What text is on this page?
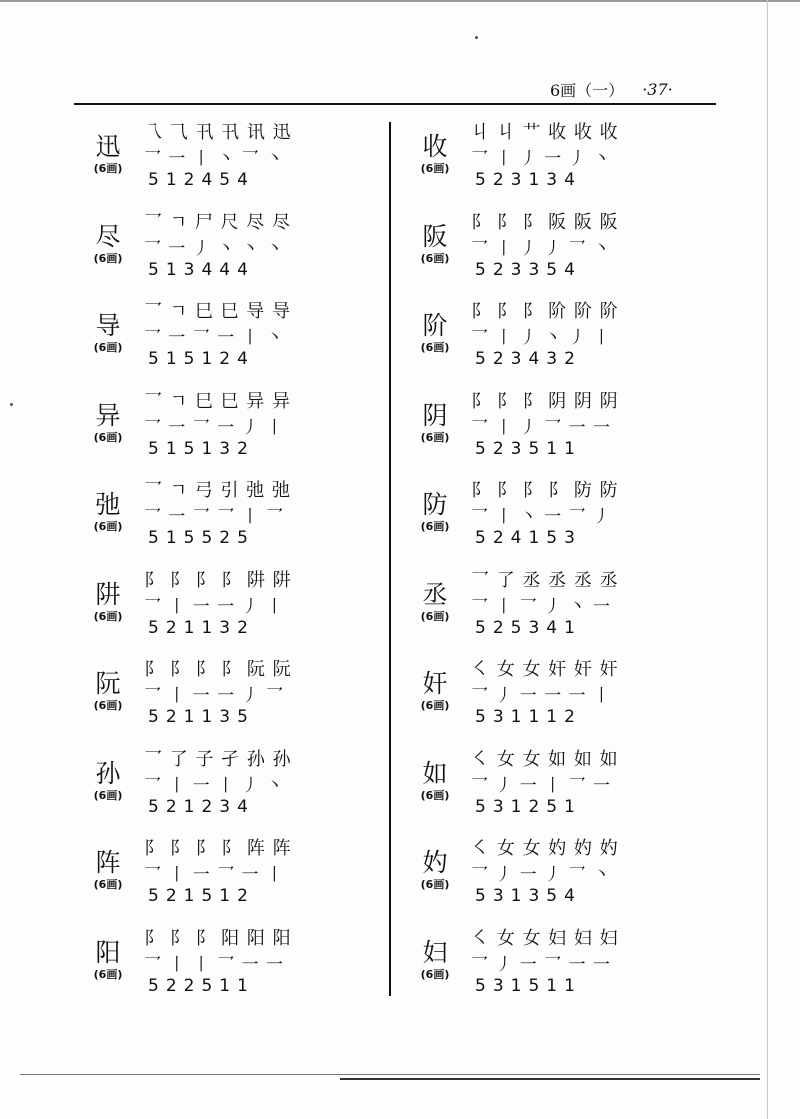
6画（一） ·37·
迅
(6画)
乁 ⺄ 卂 卂 讯 迅
乛 一 丨 丶 乛 丶
512454
尽
(6画)
乛 ㄱ 尸 尺 尽 尽
乛 一 丿 丶 丶 丶
513444
导
(6画)
乛 ㄱ 巳 巳 导 导
乛 一 乛 一 丨 丶
515124
异
(6画)
乛 ㄱ 巳 巳 异 异
乛 一 乛 一 丿 丨
515132
弛
(6画)
乛 ㄱ 弓 引 弛 弛
乛 一 乛 乛 丨 乛
515525
阱
(6画)
阝 阝 阝 阝 阱 阱
乛 丨 一 一 丿 丨
521132
阮
(6画)
阝 阝 阝 阝 阮 阮
乛 丨 一 一 丿 乛
521135
孙
(6画)
乛 了 子 孑 孙 孙
乛 丨 一 丨 丿 丶
521234
阵
(6画)
阝 阝 阝 阝 阵 阵
乛 丨 一 乛 一 丨
521512
阳
(6画)
阝 阝 阝 阳 阳 阳
乛 丨 丨 乛 一 一
522511
收
(6画)
丩 丩 ⺾ 收 收 收
乛 丨 丿 一 丿 丶
523134
阪
(6画)
阝 阝 阝 阪 阪 阪
乛 丨 丿 丿 乛 丶
523354
阶
(6画)
阝 阝 阝 阶 阶 阶
乛 丨 丿 丶 丿 丨
523432
阴
(6画)
阝 阝 阝 阴 阴 阴
乛 丨 丿 乛 一 一
523511
防
(6画)
阝 阝 阝 阝 防 防
乛 丨 丶 一 乛 丿
524153
丞
(6画)
乛 了 丞 丞 丞 丞
乛 丨 乛 丿 丶 一
525341
奸
(6画)
㇛ 女 女 奸 奸 奸
乛 丿 一 一 一 丨
531112
如
(6画)
㇛ 女 女 如 如 如
乛 丿 一 丨 乛 一
531251
妁
(6画)
㇛ 女 女 妁 妁 妁
乛 丿 一 丿 乛 丶
531354
妇
(6画)
㇛ 女 女 妇 妇 妇
乛 丿 一 乛 一 一
531511
